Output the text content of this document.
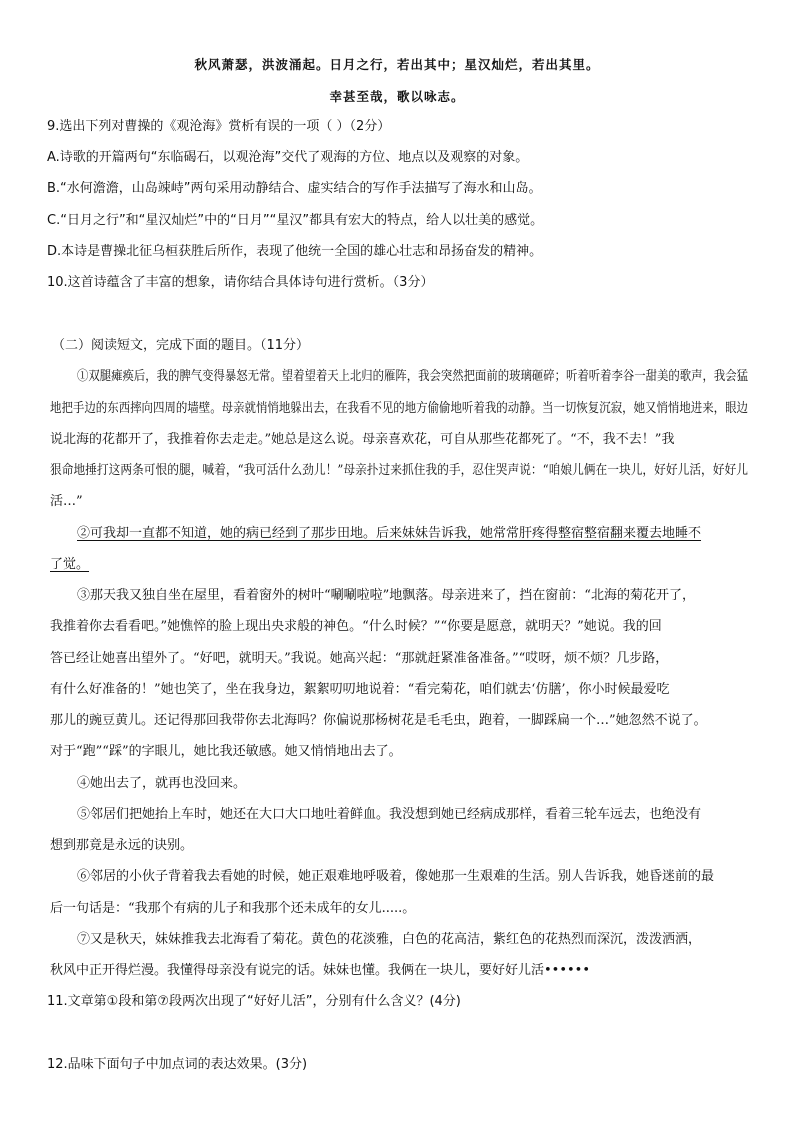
秋风萧瑟，洪波涌起。日月之行，若出其中；星汉灿烂，若出其里。
幸甚至哉，歌以咏志。
9.选出下列对曹操的《观沧海》赏析有误的一项（ ）（2分）
A.诗歌的开篇两句“东临碣石，以观沧海”交代了观海的方位、地点以及观察的对象。
B.“水何澹澹，山岛竦峙”两句采用动静结合、虚实结合的写作手法描写了海水和山岛。
C.“日月之行”和“星汉灿烂”中的“日月”“星汉”都具有宏大的特点，给人以壮美的感觉。
D.本诗是曹操北征乌桓获胜后所作，表现了他统一全国的雄心壮志和昂扬奋发的精神。
10.这首诗蕴含了丰富的想象，请你结合具体诗句进行赏析。（3分）
（二）阅读短文，完成下面的题目。（11分）
①双腿瘫痪后，我的脾气变得暴怒无常。望着望着天上北归的雁阵，我会突然把面前的玻璃砸碎；听着听着李谷一甜美的歌声，我会猛
地把手边的东西摔向四周的墙壁。母亲就悄悄地躲出去，在我看不见的地方偷偷地听着我的动静。当一切恢复沉寂，她又悄悄地进来，眼边
说北海的花都开了，我推着你去走走。”她总是这么说。母亲喜欢花，可自从那些花都死了。“不，我不去！”我
狠命地捶打这两条可恨的腿，喊着，“我可活什么劲儿！”母亲扑过来抓住我的手，忍住哭声说：“咱娘儿俩在一块儿，好好儿活，好好儿
活…”
②可我却一直都不知道，她的病已经到了那步田地。后来妹妹告诉我，她常常肝疼得整宿整宿翻来覆去地睡不
了觉。
③那天我又独自坐在屋里，看着窗外的树叶“唰唰啦啦”地飘落。母亲进来了，挡在窗前：“北海的菊花开了，
我推着你去看看吧。”她憔悴的脸上现出央求般的神色。“什么时候？”“你要是愿意，就明天？”她说。我的回
答已经让她喜出望外了。“好吧，就明天。”我说。她高兴起：“那就赶紧准备准备。”“哎呀，烦不烦？几步路，
有什么好准备的！”她也笑了，坐在我身边，絮絮叨叨地说着：“看完菊花，咱们就去‘仿膳’，你小时候最爱吃
那儿的豌豆黄儿。还记得那回我带你去北海吗？你偏说那杨树花是毛毛虫，跑着，一脚踩扁一个…”她忽然不说了。
对于“跑”“踩”的字眼儿，她比我还敏感。她又悄悄地出去了。
④她出去了，就再也没回来。
⑤邻居们把她抬上车时，她还在大口大口地吐着鲜血。我没想到她已经病成那样，看着三轮车远去，也绝没有
想到那竟是永远的诀别。
⑥邻居的小伙子背着我去看她的时候，她正艰难地呼吸着，像她那一生艰难的生活。别人告诉我，她昏迷前的最
后一句话是：“我那个有病的儿子和我那个还未成年的女儿.....。
⑦又是秋天，妹妹推我去北海看了菊花。黄色的花淡雅，白色的花高洁，紫红色的花热烈而深沉，泼泼洒洒，
秋风中正开得烂漫。我懂得母亲没有说完的话。妹妹也懂。我俩在一块儿，要好好儿活••••••
11.文章第①段和第⑦段两次出现了“好好儿活”，分别有什么含义？(4分)
12.品味下面句子中加点词的表达效果。(3分)
